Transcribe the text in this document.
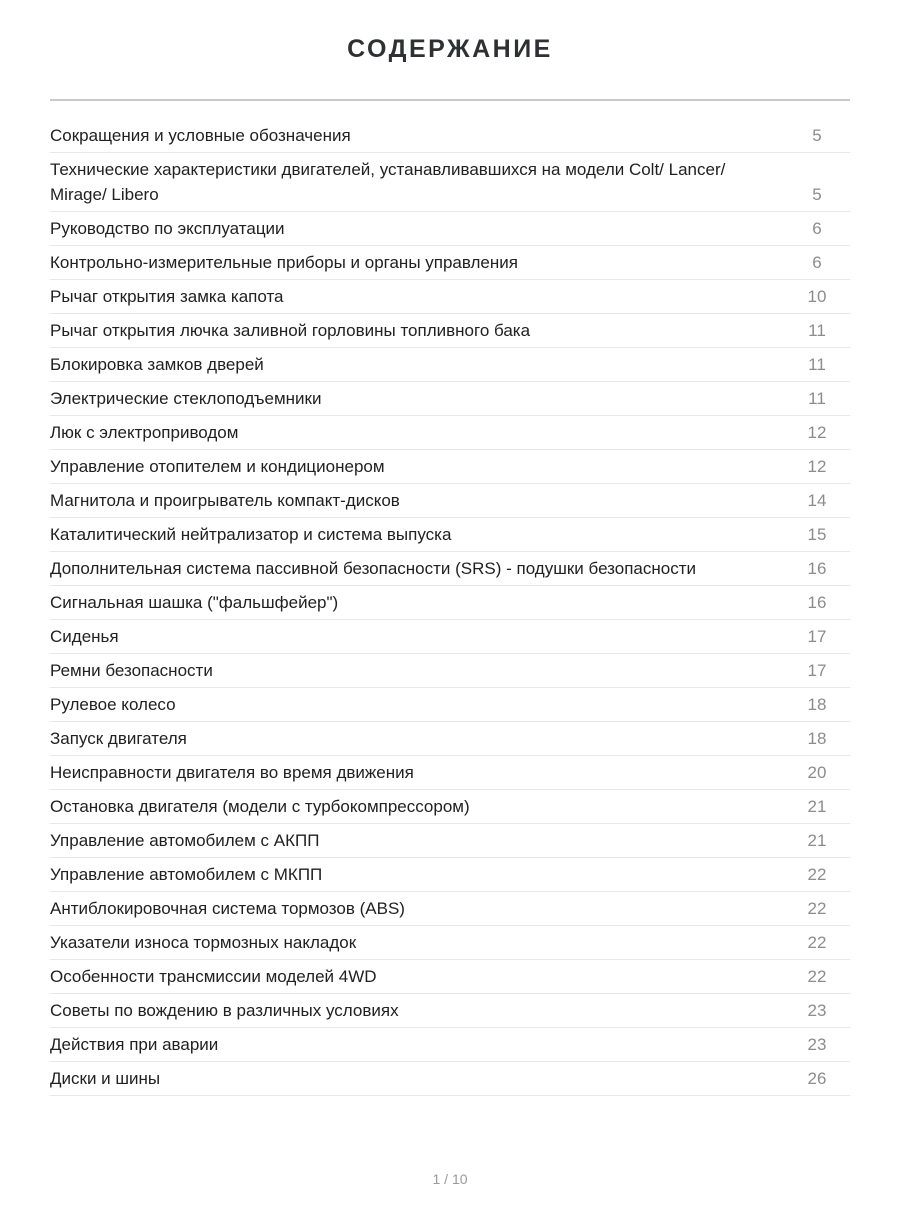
СОДЕРЖАНИЕ
Сокращения и условные обозначения	5
Технические характеристики двигателей, устанавливавшихся на модели Colt/ Lancer/ Mirage/ Libero	5
Руководство по эксплуатации	6
Контрольно-измерительные приборы и органы управления	6
Рычаг открытия замка капота	10
Рычаг открытия лючка заливной горловины топливного бака	11
Блокировка замков дверей	11
Электрические стеклоподъемники	11
Люк с электроприводом	12
Управление отопителем и кондиционером	12
Магнитола и проигрыватель компакт-дисков	14
Каталитический нейтрализатор и система выпуска	15
Дополнительная система пассивной безопасности (SRS) - подушки безопасности	16
Сигнальная шашка ("фальшфейер")	16
Сиденья	17
Ремни безопасности	17
Рулевое колесо	18
Запуск двигателя	18
Неисправности двигателя во время движения	20
Остановка двигателя (модели с турбокомпрессором)	21
Управление автомобилем с АКПП	21
Управление автомобилем с МКПП	22
Антиблокировочная система тормозов (ABS)	22
Указатели износа тормозных накладок	22
Особенности трансмиссии моделей 4WD	22
Советы по вождению в различных условиях	23
Действия при аварии	23
Диски и шины	26
1 / 10
